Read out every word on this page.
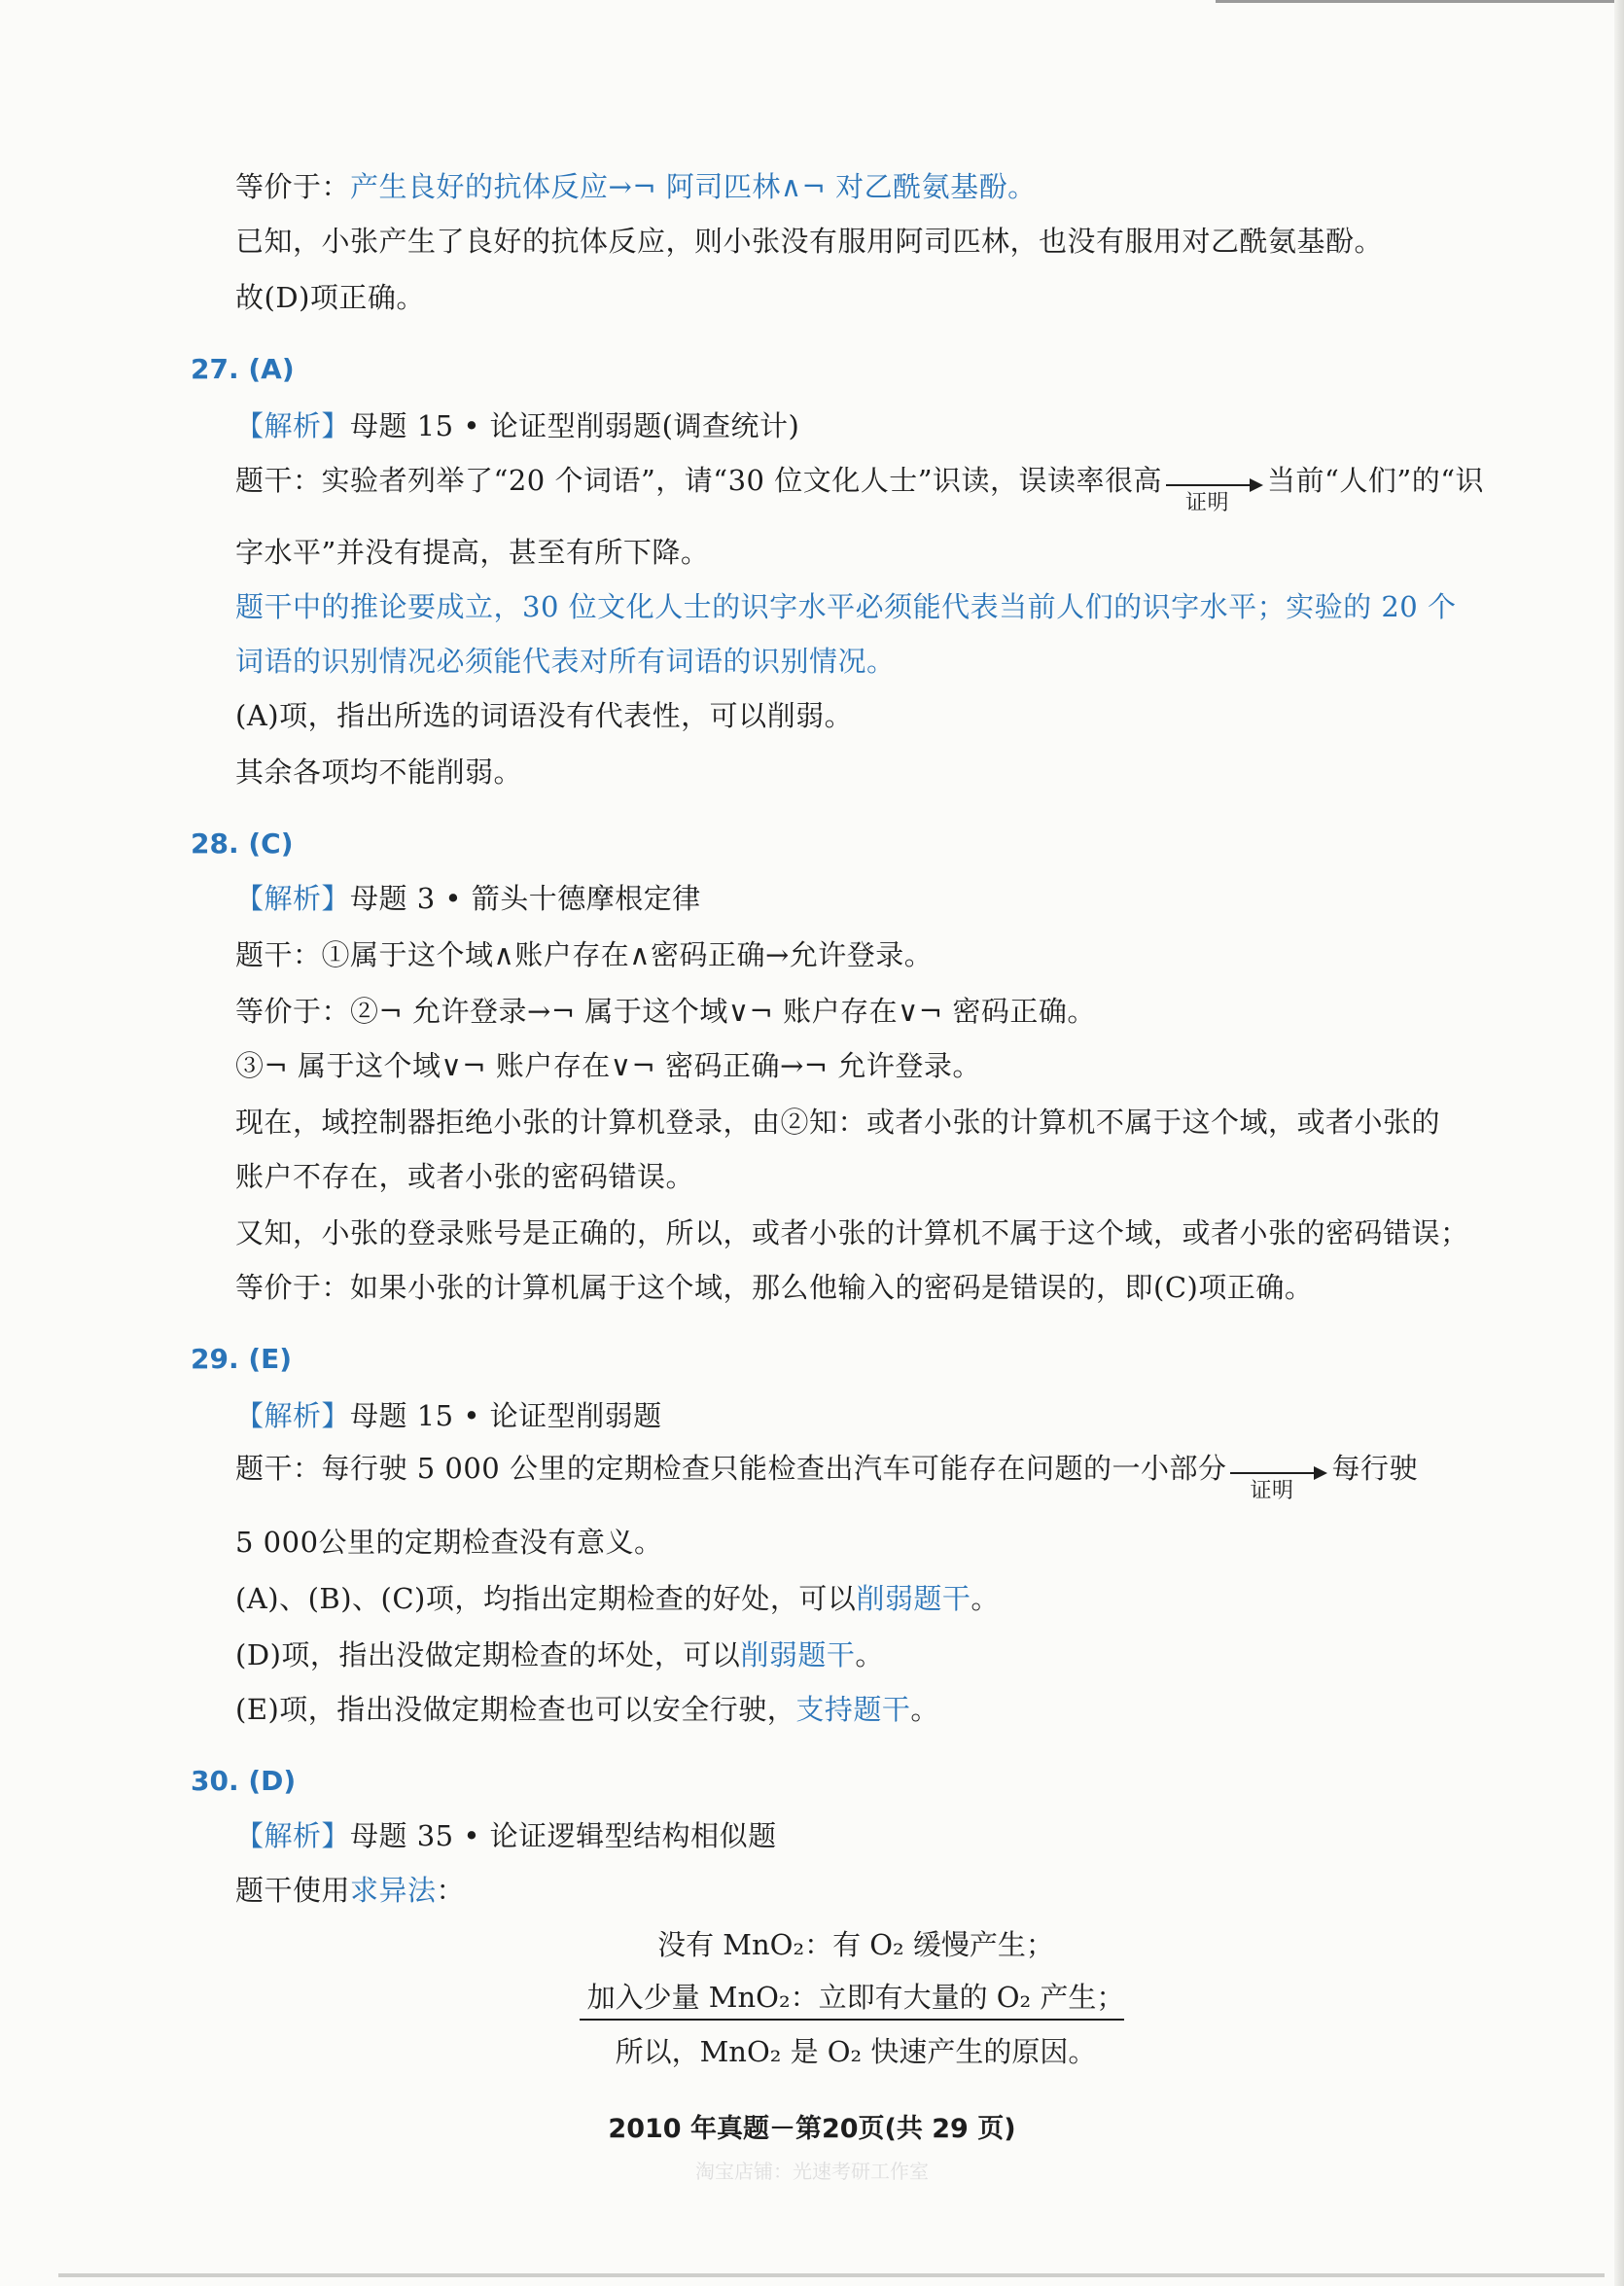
等价于：产生良好的抗体反应→¬ 阿司匹林∧¬ 对乙酰氨基酚。
已知，小张产生了良好的抗体反应，则小张没有服用阿司匹林，也没有服用对乙酰氨基酚。
故(D)项正确。
27. (A)
【解析】母题 15 • 论证型削弱题(调查统计)
题干：实验者列举了“20 个词语”，请“30 位文化人士”识读，误读率很高
证明
当前“人们”的“识
字水平”并没有提高，甚至有所下降。
题干中的推论要成立，30 位文化人士的识字水平必须能代表当前人们的识字水平；实验的 20 个
词语的识别情况必须能代表对所有词语的识别情况。
(A)项，指出所选的词语没有代表性，可以削弱。
其余各项均不能削弱。
28. (C)
【解析】母题 3 • 箭头十德摩根定律
题干：①属于这个域∧账户存在∧密码正确→允许登录。
等价于：②¬ 允许登录→¬ 属于这个域∨¬ 账户存在∨¬ 密码正确。
③¬ 属于这个域∨¬ 账户存在∨¬ 密码正确→¬ 允许登录。
现在，域控制器拒绝小张的计算机登录，由②知：或者小张的计算机不属于这个域，或者小张的
账户不存在，或者小张的密码错误。
又知，小张的登录账号是正确的，所以，或者小张的计算机不属于这个域，或者小张的密码错误；
等价于：如果小张的计算机属于这个域，那么他输入的密码是错误的，即(C)项正确。
29. (E)
【解析】母题 15 • 论证型削弱题
题干：每行驶 5 000 公里的定期检查只能检查出汽车可能存在问题的一小部分
证明
每行驶
5 000公里的定期检查没有意义。
(A)、(B)、(C)项，均指出定期检查的好处，可以削弱题干。
(D)项，指出没做定期检查的坏处，可以削弱题干。
(E)项，指出没做定期检查也可以安全行驶，支持题干。
30. (D)
【解析】母题 35 • 论证逻辑型结构相似题
题干使用求异法：
没有 MnO₂：有 O₂ 缓慢产生；
加入少量 MnO₂：立即有大量的 O₂ 产生；
所以，MnO₂ 是 O₂ 快速产生的原因。
2010 年真题－第20页(共 29 页)
淘宝店铺：光速考研工作室
